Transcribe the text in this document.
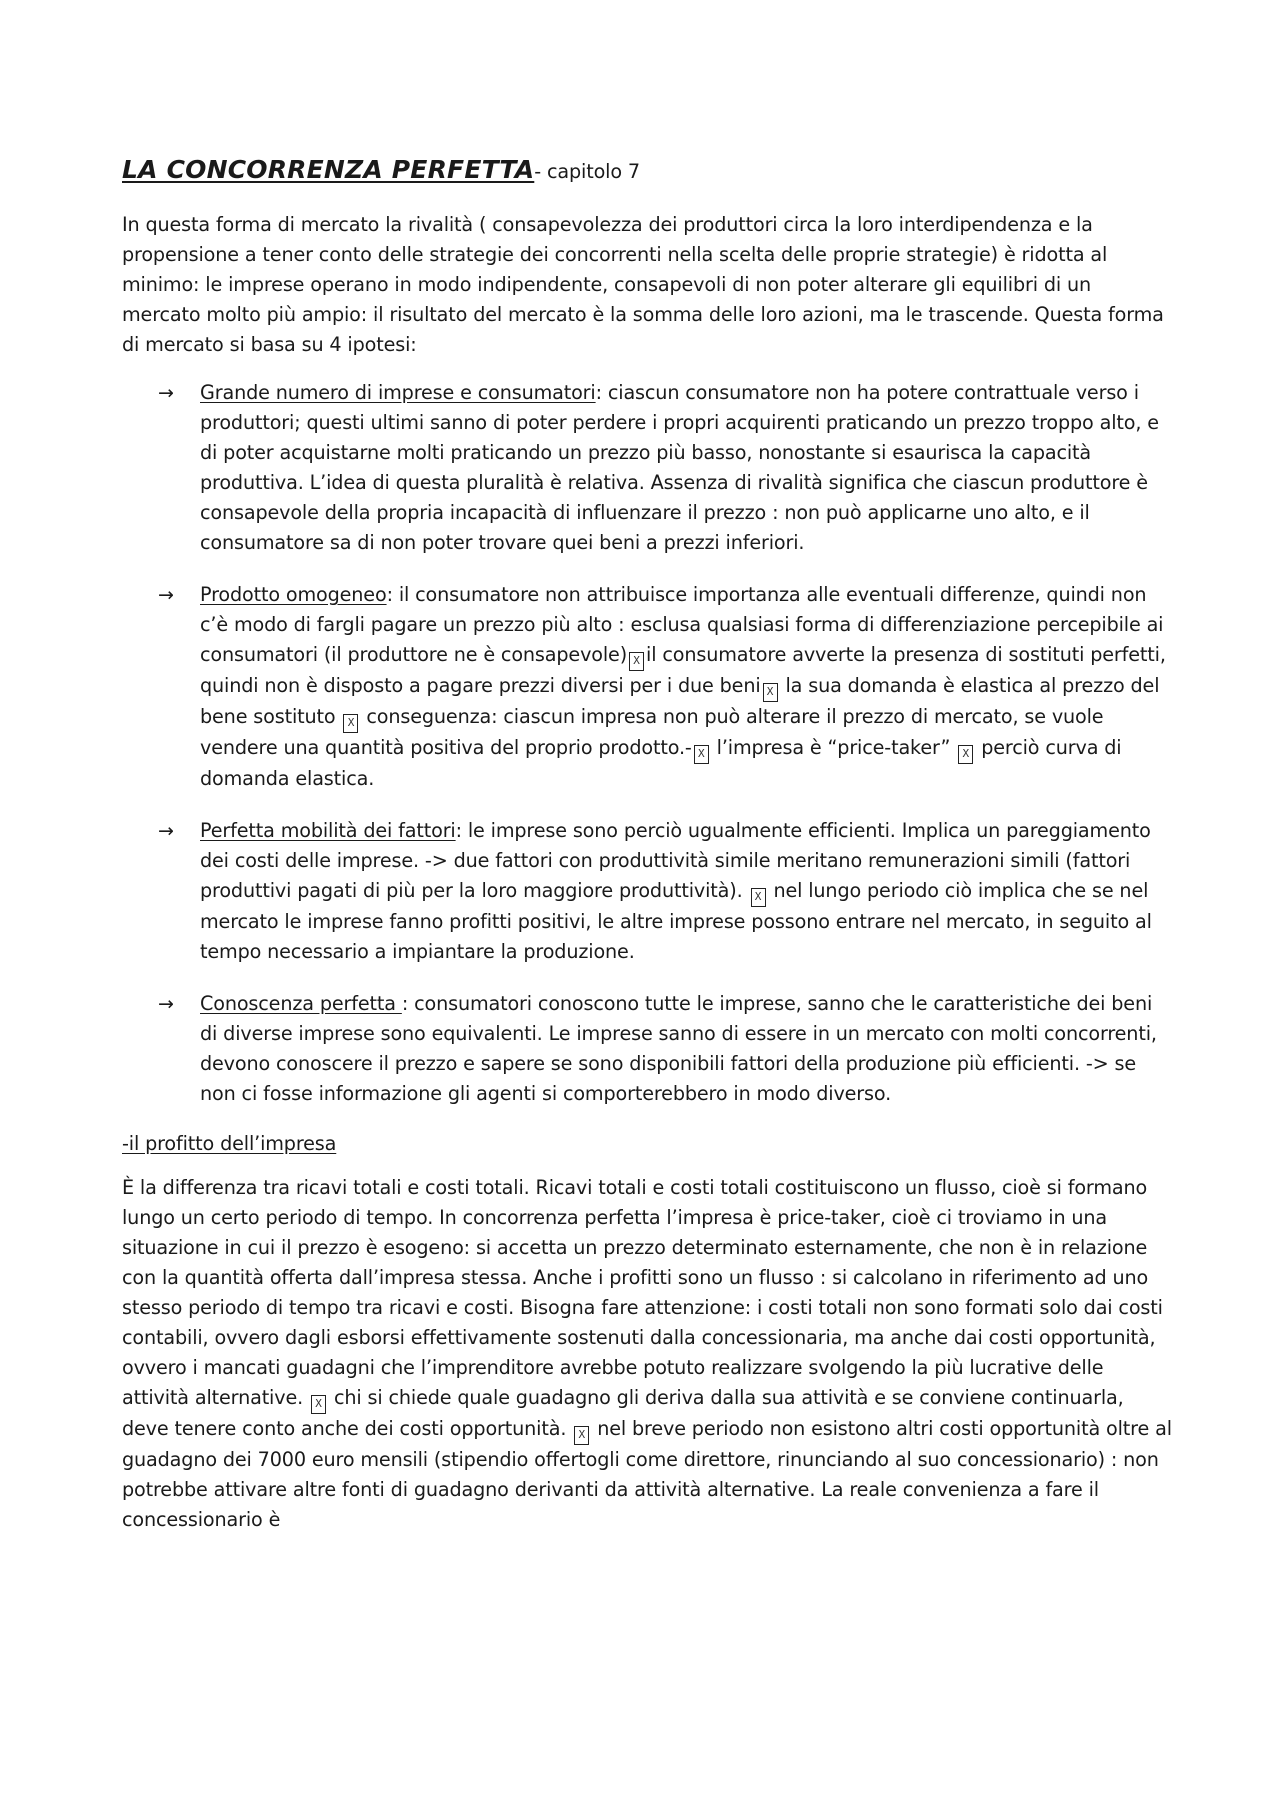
LA CONCORRENZA PERFETTA- capitolo 7

In questa forma di mercato la rivalità ( consapevolezza dei produttori circa la loro interdipendenza e la propensione a tener conto delle strategie dei concorrenti nella scelta delle proprie strategie) è ridotta al minimo: le imprese operano in modo indipendente, consapevoli di non poter alterare gli equilibri di un mercato molto più ampio: il risultato del mercato è la somma delle loro azioni, ma le trascende. Questa forma di mercato si basa su 4 ipotesi:

→ Grande numero di imprese e consumatori: ciascun consumatore non ha potere contrattuale verso i produttori; questi ultimi sanno di poter perdere i propri acquirenti praticando un prezzo troppo alto, e di poter acquistarne molti praticando un prezzo più basso, nonostante si esaurisca la capacità produttiva. L’idea di questa pluralità è relativa. Assenza di rivalità significa che ciascun produttore è consapevole della propria incapacità di influenzare il prezzo : non può applicarne uno alto, e il consumatore sa di non poter trovare quei beni a prezzi inferiori.
→ Prodotto omogeneo: il consumatore non attribuisce importanza alle eventuali differenze, quindi non c’è modo di fargli pagare un prezzo più alto : esclusa qualsiasi forma di differenziazione percepibile ai consumatori (il produttore ne è consapevole) X il consumatore avverte la presenza di sostituti perfetti, quindi non è disposto a pagare prezzi diversi per i due beni X la sua domanda è elastica al prezzo del bene sostituto X conseguenza: ciascun impresa non può alterare il prezzo di mercato, se vuole vendere una quantità positiva del proprio prodotto.- X l’impresa è “price-taker” X perciò curva di domanda elastica.
→ Perfetta mobilità dei fattori: le imprese sono perciò ugualmente efficienti. Implica un pareggiamento dei costi delle imprese. -> due fattori con produttività simile meritano remunerazioni simili (fattori produttivi pagati di più per la loro maggiore produttività). X nel lungo periodo ciò implica che se nel mercato le imprese fanno profitti positivi, le altre imprese possono entrare nel mercato, in seguito al tempo necessario a impiantare la produzione.
→ Conoscenza perfetta : consumatori conoscono tutte le imprese, sanno che le caratteristiche dei beni di diverse imprese sono equivalenti. Le imprese sanno di essere in un mercato con molti concorrenti, devono conoscere il prezzo e sapere se sono disponibili fattori della produzione più efficienti. -> se non ci fosse informazione gli agenti si comporterebbero in modo diverso.

-il profitto dell’impresa

È la differenza tra ricavi totali e costi totali. Ricavi totali e costi totali costituiscono un flusso, cioè si formano lungo un certo periodo di tempo. In concorrenza perfetta l’impresa è price-taker, cioè ci troviamo in una situazione in cui il prezzo è esogeno: si accetta un prezzo determinato esternamente, che non è in relazione con la quantità offerta dall’impresa stessa. Anche i profitti sono un flusso : si calcolano in riferimento ad uno stesso periodo di tempo tra ricavi e costi. Bisogna fare attenzione: i costi totali non sono formati solo dai costi contabili, ovvero dagli esborsi effettivamente sostenuti dalla concessionaria, ma anche dai costi opportunità, ovvero i mancati guadagni che l’imprenditore avrebbe potuto realizzare svolgendo la più lucrative delle attività alternative. X chi si chiede quale guadagno gli deriva dalla sua attività e se conviene continuarla, deve tenere conto anche dei costi opportunità. X nel breve periodo non esistono altri costi opportunità oltre al guadagno dei 7000 euro mensili (stipendio offertogli come direttore, rinunciando al suo concessionario) : non potrebbe attivare altre fonti di guadagno derivanti da attività alternative. La reale convenienza a fare il concessionario è
